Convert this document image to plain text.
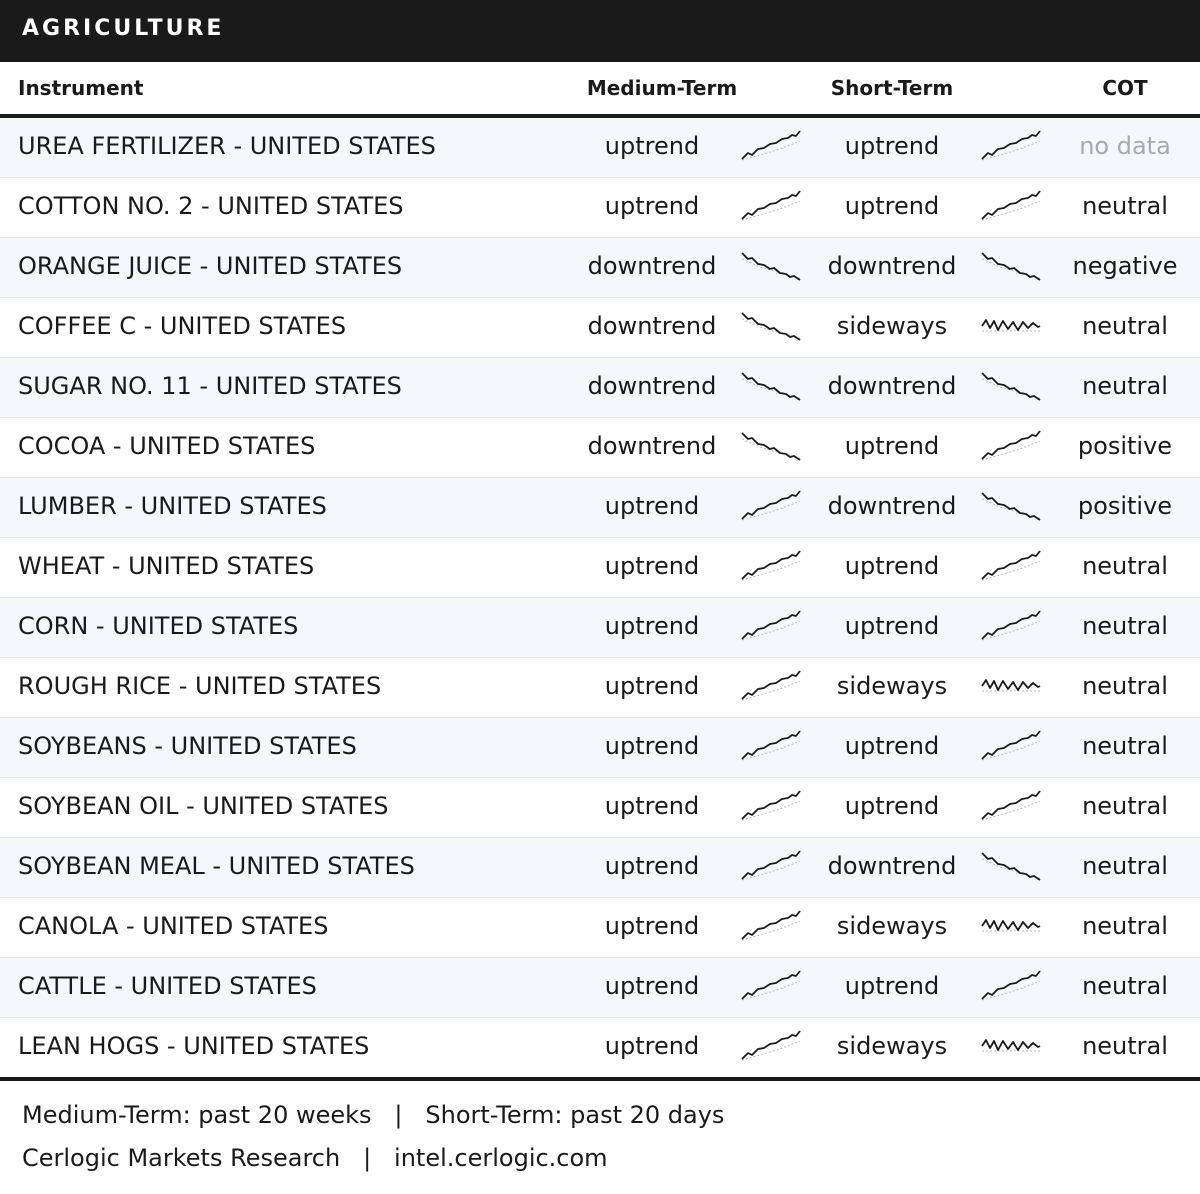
AGRICULTURE
Instrument	Medium-Term	Short-Term	COT
UREA FERTILIZER - UNITED STATES	uptrend	uptrend	no data
COTTON NO. 2 - UNITED STATES	uptrend	uptrend	neutral
ORANGE JUICE - UNITED STATES	downtrend	downtrend	negative
COFFEE C - UNITED STATES	downtrend	sideways	neutral
SUGAR NO. 11 - UNITED STATES	downtrend	downtrend	neutral
COCOA - UNITED STATES	downtrend	uptrend	positive
LUMBER - UNITED STATES	uptrend	downtrend	positive
WHEAT - UNITED STATES	uptrend	uptrend	neutral
CORN - UNITED STATES	uptrend	uptrend	neutral
ROUGH RICE - UNITED STATES	uptrend	sideways	neutral
SOYBEANS - UNITED STATES	uptrend	uptrend	neutral
SOYBEAN OIL - UNITED STATES	uptrend	uptrend	neutral
SOYBEAN MEAL - UNITED STATES	uptrend	downtrend	neutral
CANOLA - UNITED STATES	uptrend	sideways	neutral
CATTLE - UNITED STATES	uptrend	uptrend	neutral
LEAN HOGS - UNITED STATES	uptrend	sideways	neutral
Medium-Term: past 20 weeks   |   Short-Term: past 20 days
Cerlogic Markets Research   |   intel.cerlogic.com
